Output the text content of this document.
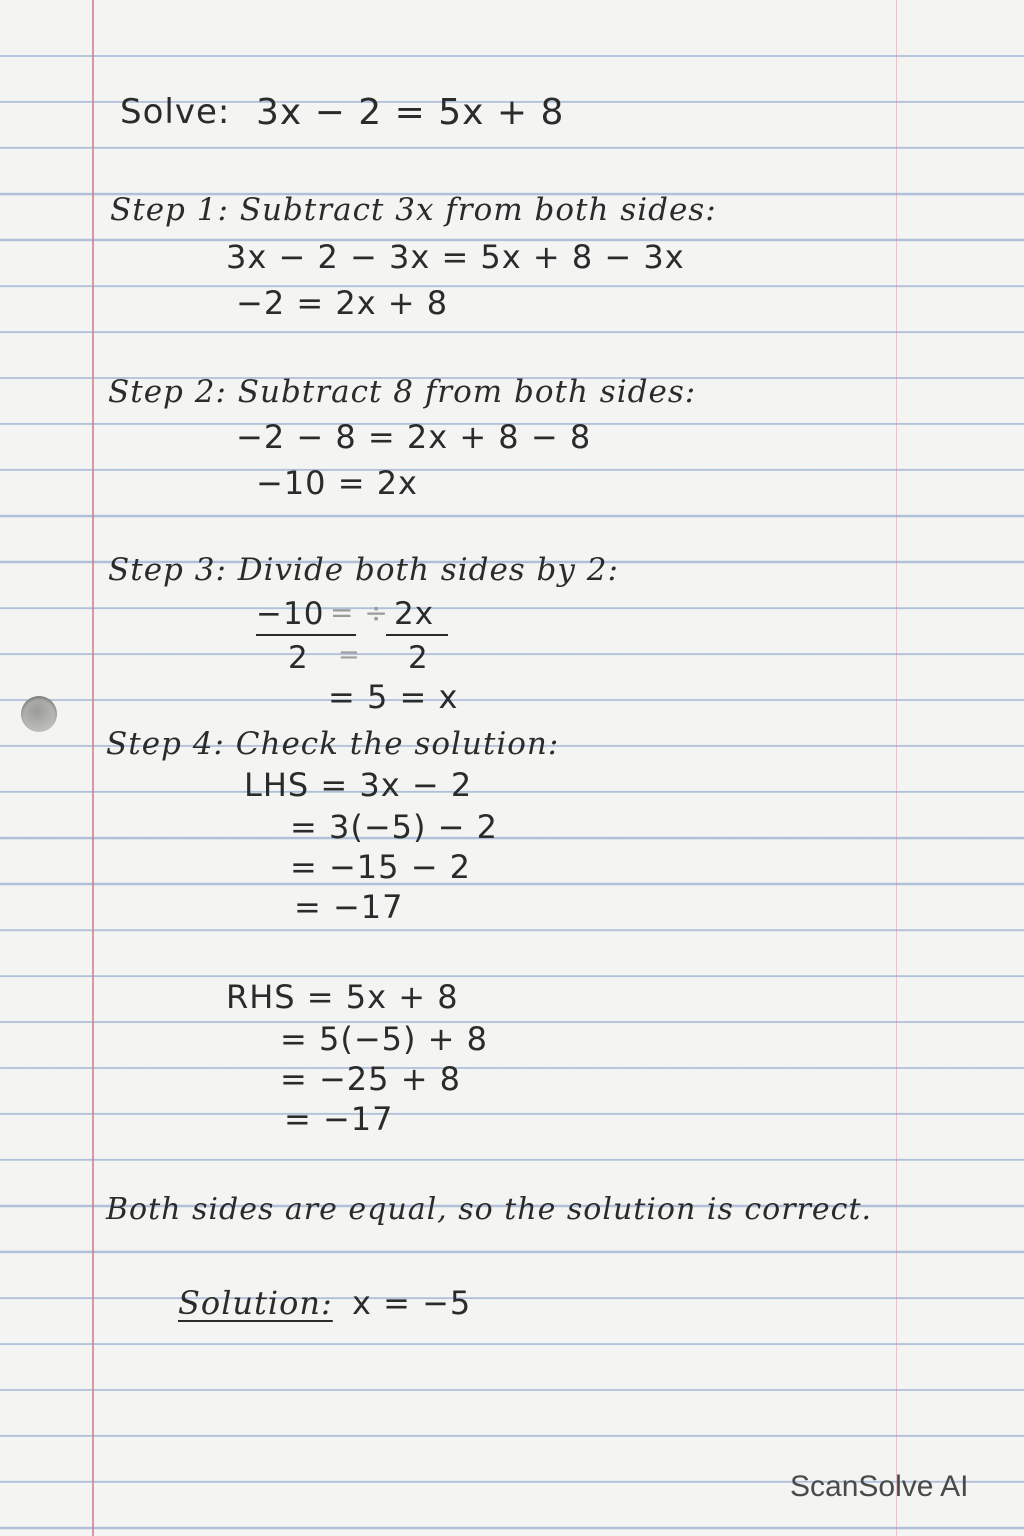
Solve: 3x − 2 = 5x + 8
Step 1: Subtract 3x from both sides:
3x − 2 − 3x = 5x + 8 − 3x
−2 = 2x + 8
Step 2: Subtract 8 from both sides:
−2 − 8 = 2x + 8 − 8
−10 = 2x
Step 3: Divide both sides by 2:
−10 = ÷ 2x
2 = 2
= 5 = x
Step 4: Check the solution:
LHS = 3x − 2
= 3(−5) − 2
= −15 − 2
= −17
RHS = 5x + 8
= 5(−5) + 8
= −25 + 8
= −17
Both sides are equal, so the solution is correct.
Solution: x = −5
ScanSolve AI
